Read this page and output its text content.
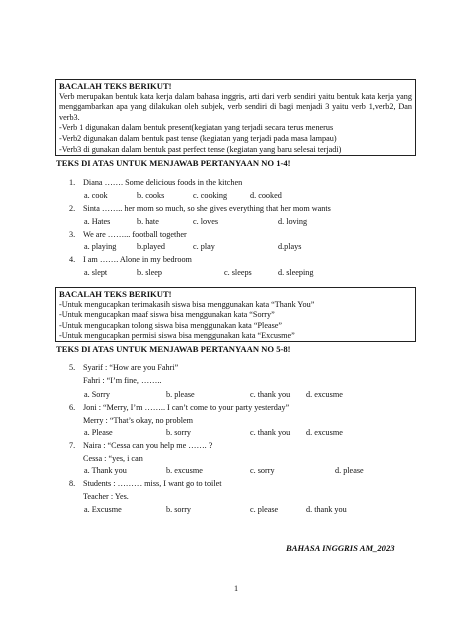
BACALAH TEKS BERIKUT!
Verb merupakan bentuk kata kerja dalam bahasa inggris, arti dari verb sendiri yaitu bentuk kata kerja yang menggambarkan apa yang dilakukan oleh subjek, verb sendiri di bagi menjadi 3 yaitu verb 1,verb2, Dan verb3.
-Verb 1 digunakan dalam bentuk present(kegiatan yang terjadi secara terus menerus
-Verb2 digunakan dalam bentuk past tense (kegiatan yang terjadi pada masa lampau)
-Verb3 di gunakan dalam bentuk past perfect tense (kegiatan yang baru selesai terjadi)
TEKS DI ATAS UNTUK MENJAWAB PERTANYAAN NO 1-4!
1. Diana ……. Some delicious foods in the kitchen
a. cook	b. cooks	c. cooking	d. cooked
2. Sinta …….. her mom so much, so she gives everything that her mom wants
a. Hates	b. hate	c. loves	d. loving
3. We are ……... football together
a. playing	b.played	c. play	d.plays
4. I am ……. Alone in my bedroom
a. slept	b. sleep	c. sleeps	d. sleeping
BACALAH TEKS BERIKUT!
-Untuk mengucapkan terimakasih siswa bisa menggunakan kata “Thank You”
-Untuk mengucapkan maaf siswa bisa menggunakan kata “Sorry”
-Untuk mengucapkan tolong siswa bisa menggunakan kata “Please”
-Untuk mengucapkan permisi siswa bisa menggunakan kata “Excusme”
TEKS DI ATAS UNTUK MENJAWAB PERTANYAAN NO 5-8!
5. Syarif : “How are you Fahri”
Fahri : “I’m fine, ……..
a. Sorry	b. please	c. thank you d. excusme
6. Joni : “Merry, I’m …….. I can’t come to your party yesterday”
Merry : “That’s okay, no problem
a. Please	b. sorry	c. thank you d. excusme
7. Naira : “Cessa can you help me ……. ?
Cessa : “yes, i can
a. Thank you	b. excusme	c. sorry	d. please
8. Students : ……… miss, I want go to toilet
Teacher : Yes.
a. Excusme	b. sorry	c. please	d. thank you
BAHASA INGGRIS AM_2023
1
